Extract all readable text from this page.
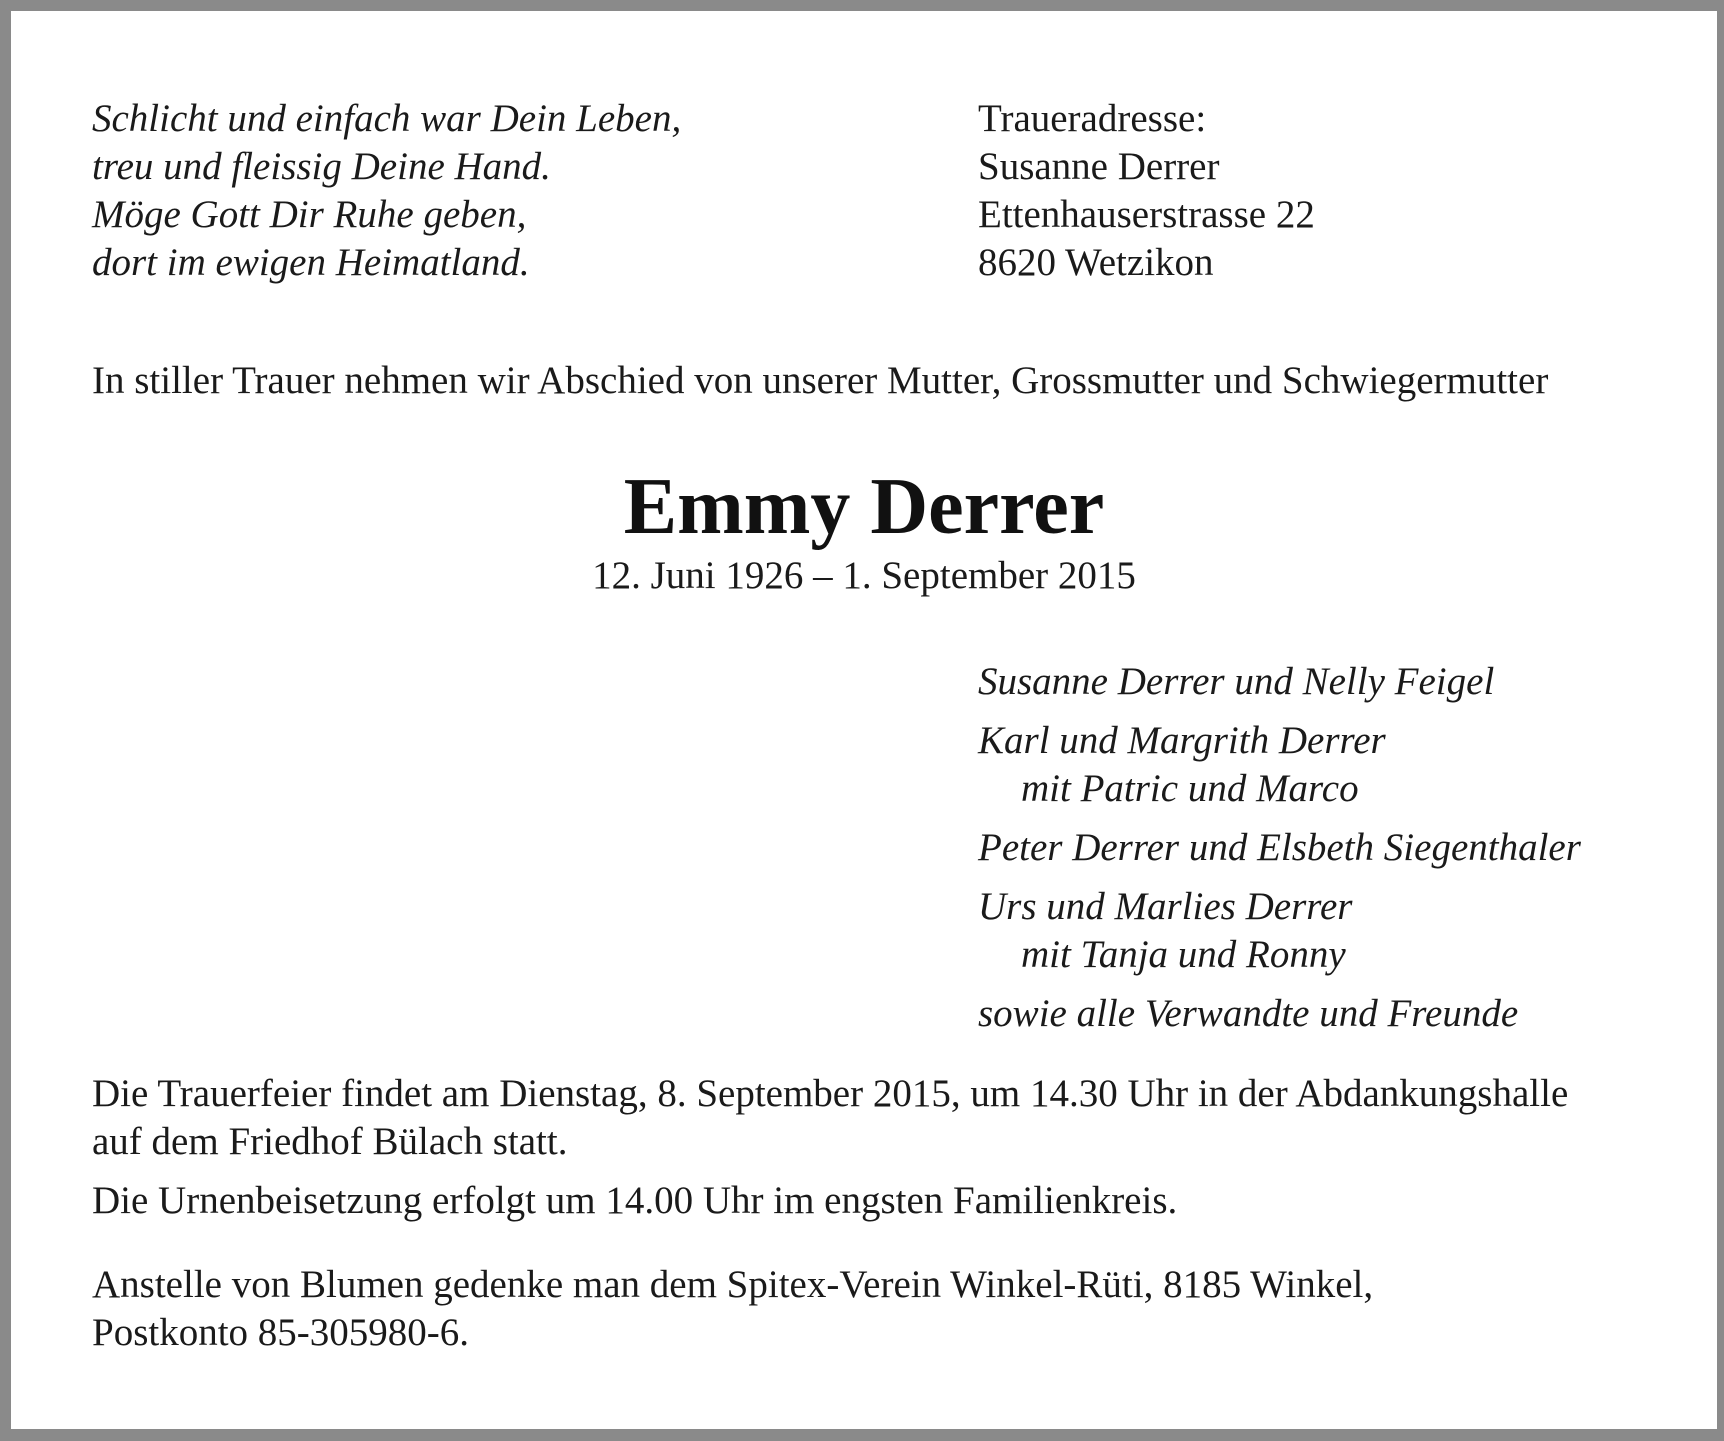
Schlicht und einfach war Dein Leben,
treu und fleissig Deine Hand.
Möge Gott Dir Ruhe geben,
dort im ewigen Heimatland.
Traueradresse:
Susanne Derrer
Ettenhauserstrasse 22
8620 Wetzikon
In stiller Trauer nehmen wir Abschied von unserer Mutter, Grossmutter und Schwiegermutter
Emmy Derrer
12. Juni 1926 – 1. September 2015
Susanne Derrer und Nelly Feigel
Karl und Margrith Derrer
mit Patric und Marco
Peter Derrer und Elsbeth Siegenthaler
Urs und Marlies Derrer
mit Tanja und Ronny
sowie alle Verwandte und Freunde
Die Trauerfeier findet am Dienstag, 8. September 2015, um 14.30 Uhr in der Abdankungshalle
auf dem Friedhof Bülach statt.
Die Urnenbeisetzung erfolgt um 14.00 Uhr im engsten Familienkreis.
Anstelle von Blumen gedenke man dem Spitex-Verein Winkel-Rüti, 8185 Winkel,
Postkonto 85-305980-6.
